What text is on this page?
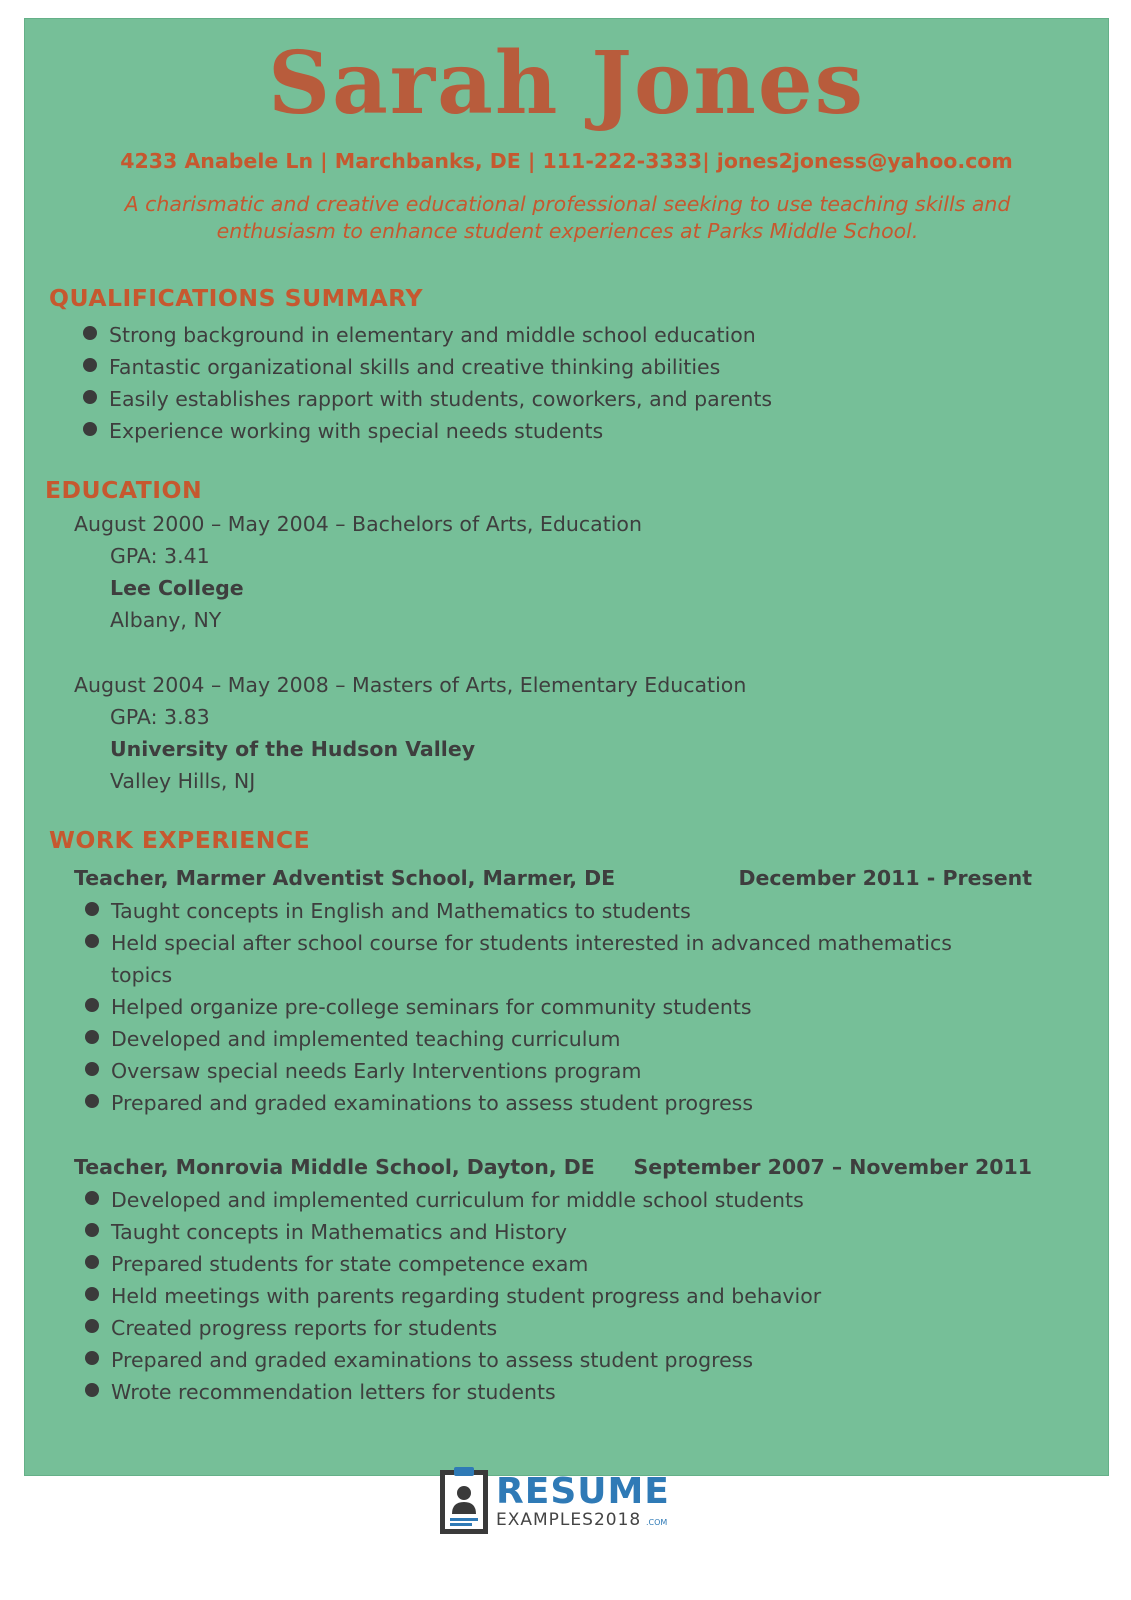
Sarah Jones
4233 Anabele Ln | Marchbanks, DE | 111-222-3333| jones2joness@yahoo.com
A charismatic and creative educational professional seeking to use teaching skills and enthusiasm to enhance student experiences at Parks Middle School.
QUALIFICATIONS SUMMARY
Strong background in elementary and middle school education
Fantastic organizational skills and creative thinking abilities
Easily establishes rapport with students, coworkers, and parents
Experience working with special needs students
EDUCATION
August 2000 – May 2004 – Bachelors of Arts, Education
GPA: 3.41
Lee College
Albany, NY
August 2004 – May 2008 – Masters of Arts, Elementary Education
GPA: 3.83
University of the Hudson Valley
Valley Hills, NJ
WORK EXPERIENCE
Teacher, Marmer Adventist School, Marmer, DE	December 2011 - Present
Taught concepts in English and Mathematics to students
Held special after school course for students interested in advanced mathematics
topics
Helped organize pre-college seminars for community students
Developed and implemented teaching curriculum
Oversaw special needs Early Interventions program
Prepared and graded examinations to assess student progress
Teacher, Monrovia Middle School, Dayton, DE September 2007 – November 2011
Developed and implemented curriculum for middle school students
Taught concepts in Mathematics and History
Prepared students for state competence exam
Held meetings with parents regarding student progress and behavior
Created progress reports for students
Prepared and graded examinations to assess student progress
Wrote recommendation letters for students
RESUME
EXAMPLES2018 .COM
